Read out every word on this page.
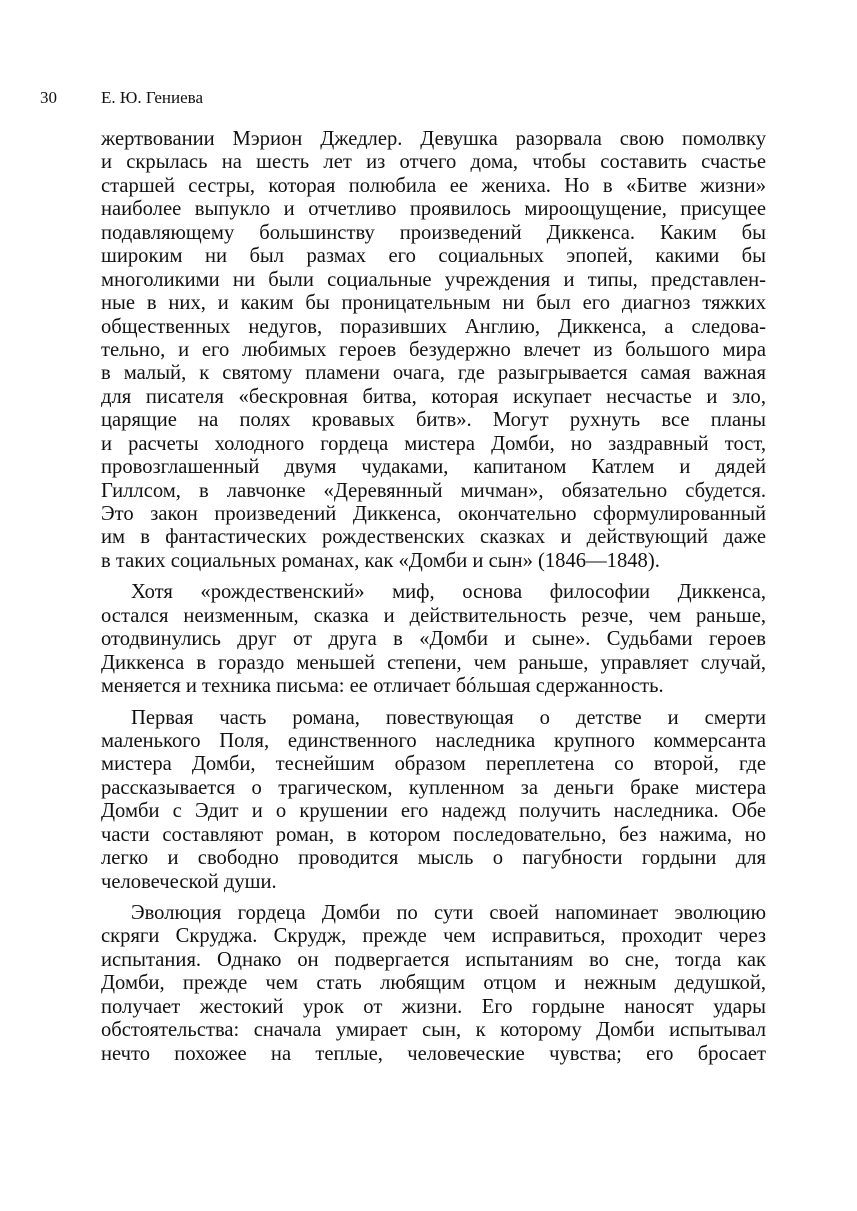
30	Е. Ю. Гениева
жертвовании Мэрион Джедлер. Девушка разорвала свою помолвку
и скрылась на шесть лет из отчего дома, чтобы составить счастье
старшей сестры, которая полюбила ее жениха. Но в «Битве жизни»
наиболее выпукло и отчетливо проявилось мироощущение, присущее
подавляющему большинству произведений Диккенса. Каким бы
широким ни был размах его социальных эпопей, какими бы
многоликими ни были социальные учреждения и типы, представлен-
ные в них, и каким бы проницательным ни был его диагноз тяжких
общественных недугов, поразивших Англию, Диккенса, а следова-
тельно, и его любимых героев безудержно влечет из большого мира
в малый, к святому пламени очага, где разыгрывается самая важная
для писателя «бескровная битва, которая искупает несчастье и зло,
царящие на полях кровавых битв». Могут рухнуть все планы
и расчеты холодного гордеца мистера Домби, но заздравный тост,
провозглашенный двумя чудаками, капитаном Катлем и дядей
Гиллсом, в лавчонке «Деревянный мичман», обязательно сбудется.
Это закон произведений Диккенса, окончательно сформулированный
им в фантастических рождественских сказках и действующий даже
в таких социальных романах, как «Домби и сын» (1846—1848).
Хотя «рождественский» миф, основа философии Диккенса,
остался неизменным, сказка и действительность резче, чем раньше,
отодвинулись друг от друга в «Домби и сыне». Судьбами героев
Диккенса в гораздо меньшей степени, чем раньше, управляет случай,
меняется и техника письма: ее отличает бóльшая сдержанность.
Первая часть романа, повествующая о детстве и смерти
маленького Поля, единственного наследника крупного коммерсанта
мистера Домби, теснейшим образом переплетена со второй, где
рассказывается о трагическом, купленном за деньги браке мистера
Домби с Эдит и о крушении его надежд получить наследника. Обе
части составляют роман, в котором последовательно, без нажима, но
легко и свободно проводится мысль о пагубности гордыни для
человеческой души.
Эволюция гордеца Домби по сути своей напоминает эволюцию
скряги Скруджа. Скрудж, прежде чем исправиться, проходит через
испытания. Однако он подвергается испытаниям во сне, тогда как
Домби, прежде чем стать любящим отцом и нежным дедушкой,
получает жестокий урок от жизни. Его гордыне наносят удары
обстоятельства: сначала умирает сын, к которому Домби испытывал
нечто похожее на теплые, человеческие чувства; его бросает
